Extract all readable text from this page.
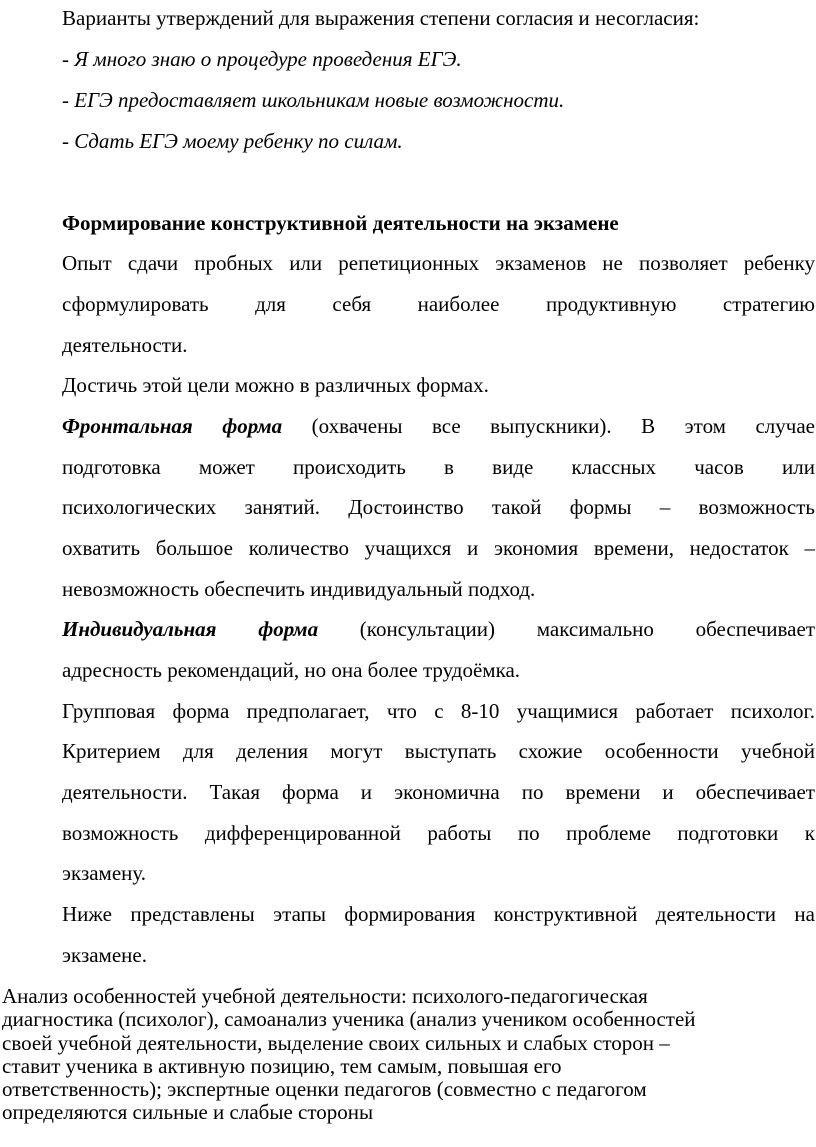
Варианты утверждений для выражения степени согласия и несогласия:
- Я много знаю о процедуре проведения ЕГЭ.
- ЕГЭ предоставляет школьникам новые возможности.
- Сдать ЕГЭ моему ребенку по силам.
Формирование конструктивной деятельности на экзамене
Опыт сдачи пробных или репетиционных экзаменов не позволяет ребенку
сформулировать для себя наиболее продуктивную стратегию
деятельности.
Достичь этой цели можно в различных формах.
Фронтальная форма (охвачены все выпускники). В этом случае
подготовка может происходить в виде классных часов или
психологических занятий. Достоинство такой формы – возможность
охватить большое количество учащихся и экономия времени, недостаток –
невозможность обеспечить индивидуальный подход.
Индивидуальная форма (консультации) максимально обеспечивает
адресность рекомендаций, но она более трудоёмка.
Групповая форма предполагает, что с 8-10 учащимися работает психолог.
Критерием для деления могут выступать схожие особенности учебной
деятельности. Такая форма и экономична по времени и обеспечивает
возможность дифференцированной работы по проблеме подготовки к
экзамену.
Ниже представлены этапы формирования конструктивной деятельности на
экзамене.
Анализ особенностей учебной деятельности: психолого-педагогическая
диагностика (психолог), самоанализ ученика (анализ учеником особенностей
своей учебной деятельности, выделение своих сильных и слабых сторон –
ставит ученика в активную позицию, тем самым, повышая его
ответственность); экспертные оценки педагогов (совместно с педагогом
определяются сильные и слабые стороны
